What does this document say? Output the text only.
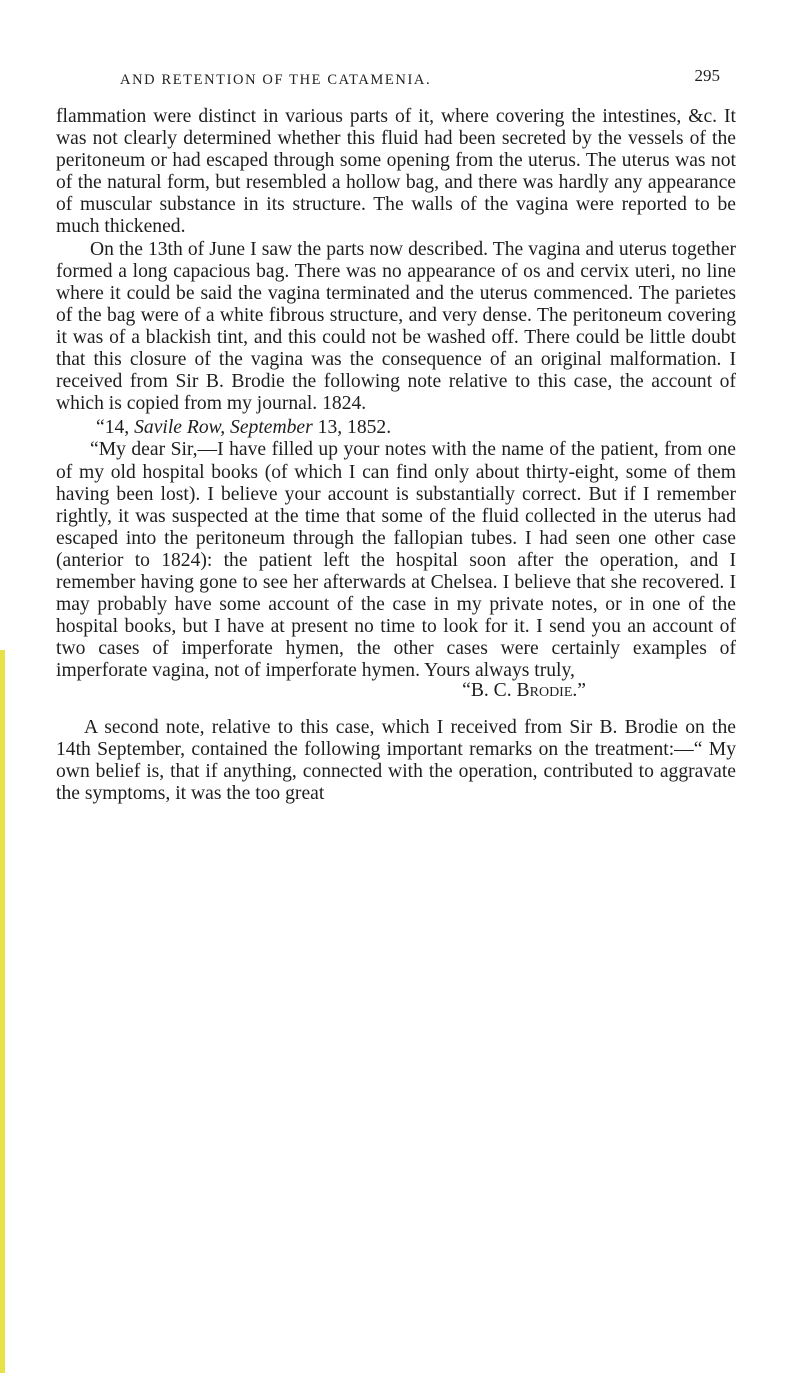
AND RETENTION OF THE CATAMENIA.	295

flammation were distinct in various parts of it, where covering the intestines, &c. It was not clearly determined whether this fluid had been secreted by the vessels of the peritoneum or had escaped through some opening from the uterus. The uterus was not of the natural form, but resembled a hollow bag, and there was hardly any appearance of muscular substance in its structure. The walls of the vagina were reported to be much thickened.

On the 13th of June I saw the parts now described. The vagina and uterus together formed a long capacious bag. There was no appearance of os and cervix uteri, no line where it could be said the vagina terminated and the uterus commenced. The parietes of the bag were of a white fibrous structure, and very dense. The peritoneum covering it was of a blackish tint, and this could not be washed off. There could be little doubt that this closure of the vagina was the consequence of an original malformation. I received from Sir B. Brodie the following note relative to this case, the account of which is copied from my journal. 1824.

“14, Savile Row, September 13, 1852.

“My dear Sir,—I have filled up your notes with the name of the patient, from one of my old hospital books (of which I can find only about thirty-eight, some of them having been lost). I believe your account is substantially correct. But if I remember rightly, it was suspected at the time that some of the fluid collected in the uterus had escaped into the peritoneum through the fallopian tubes. I had seen one other case (anterior to 1824): the patient left the hospital soon after the operation, and I remember having gone to see her afterwards at Chelsea. I believe that she recovered. I may probably have some account of the case in my private notes, or in one of the hospital books, but I have at present no time to look for it. I send you an account of two cases of imperforate hymen, the other cases were certainly examples of imperforate vagina, not of imperforate hymen. Yours always truly,

“B. C. Brodie.”

A second note, relative to this case, which I received from Sir B. Brodie on the 14th September, contained the following important remarks on the treatment:—“ My own belief is, that if anything, connected with the operation, contributed to aggravate the symptoms, it was the too great
